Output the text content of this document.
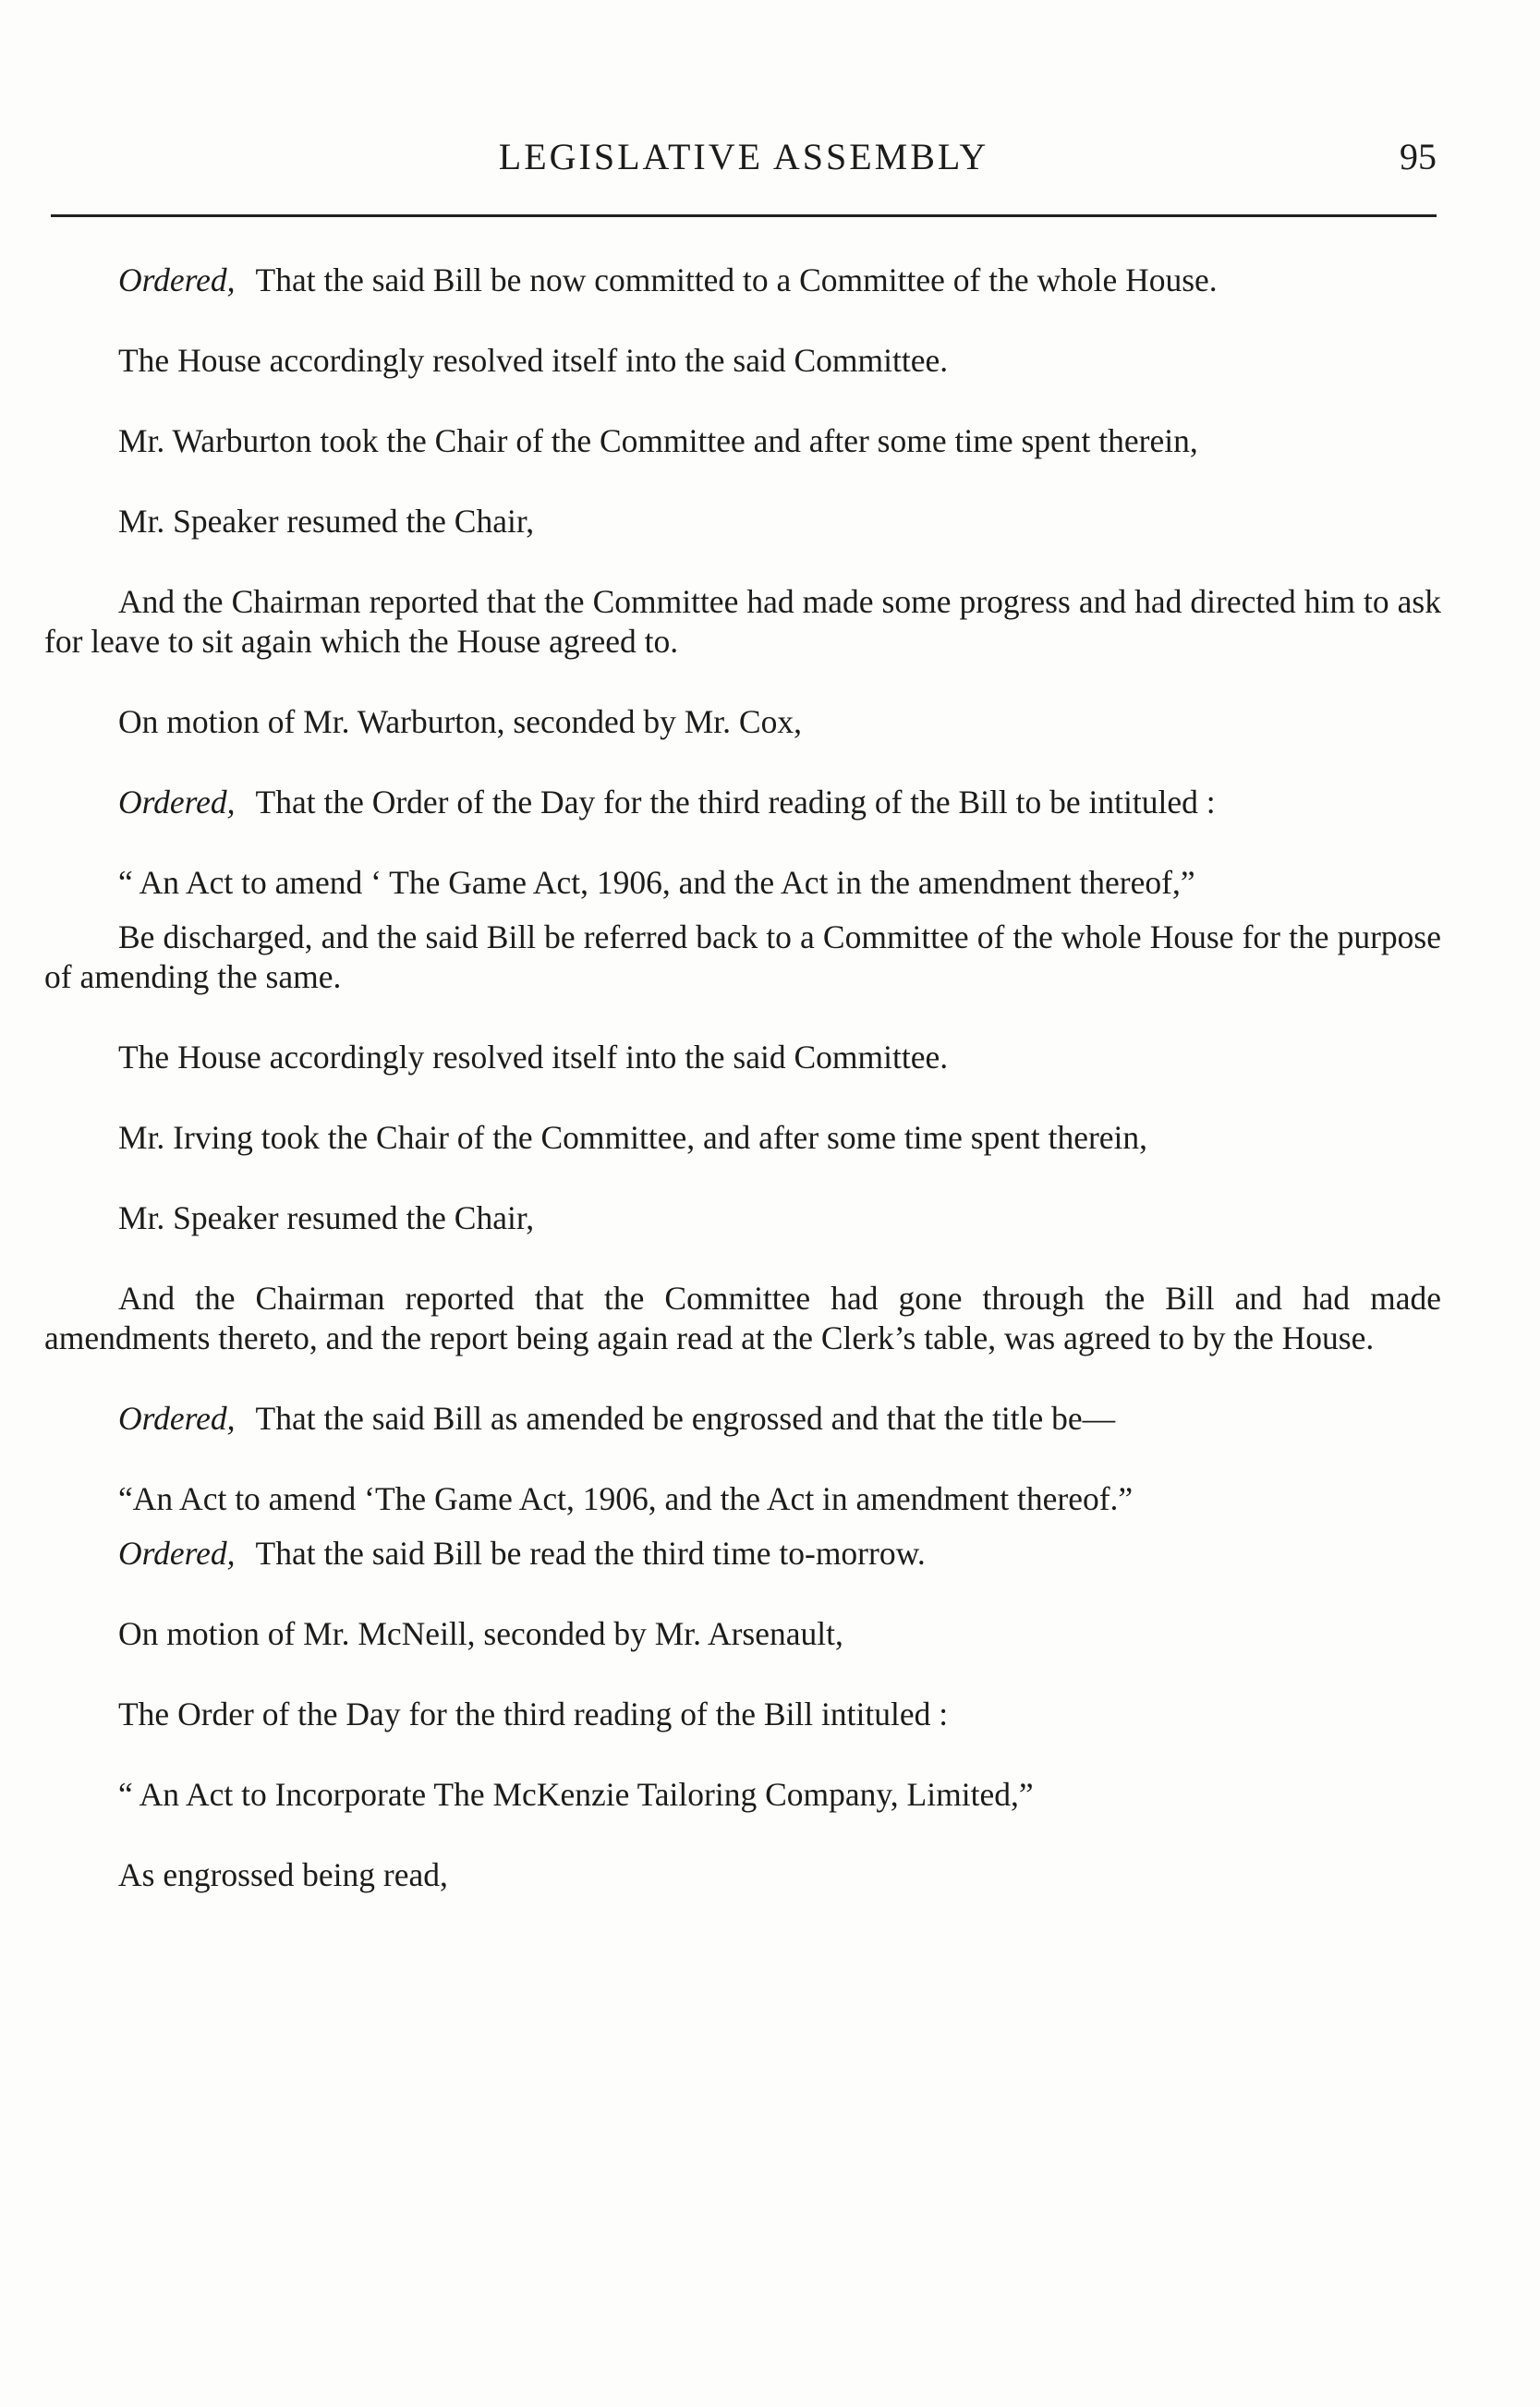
LEGISLATIVE ASSEMBLY	95

Ordered, That the said Bill be now committed to a Committee of the whole House.

The House accordingly resolved itself into the said Committee.

Mr. Warburton took the Chair of the Committee and after some time spent therein,

Mr. Speaker resumed the Chair,

And the Chairman reported that the Committee had made some progress and had directed him to ask for leave to sit again which the House agreed to.

On motion of Mr. Warburton, seconded by Mr. Cox,

Ordered, That the Order of the Day for the third reading of the Bill to be intituled :

“ An Act to amend ‘ The Game Act, 1906, and the Act in the amendment thereof,”

Be discharged, and the said Bill be referred back to a Committee of the whole House for the purpose of amending the same.

The House accordingly resolved itself into the said Committee.

Mr. Irving took the Chair of the Committee, and after some time spent therein,

Mr. Speaker resumed the Chair,

And the Chairman reported that the Committee had gone through the Bill and had made amendments thereto, and the report being again read at the Clerk’s table, was agreed to by the House.

Ordered, That the said Bill as amended be engrossed and that the title be—

“An Act to amend ‘The Game Act, 1906, and the Act in amendment thereof.”

Ordered, That the said Bill be read the third time to-morrow.

On motion of Mr. McNeill, seconded by Mr. Arsenault,

The Order of the Day for the third reading of the Bill intituled :

“ An Act to Incorporate The McKenzie Tailoring Company, Limited,”

As engrossed being read,
